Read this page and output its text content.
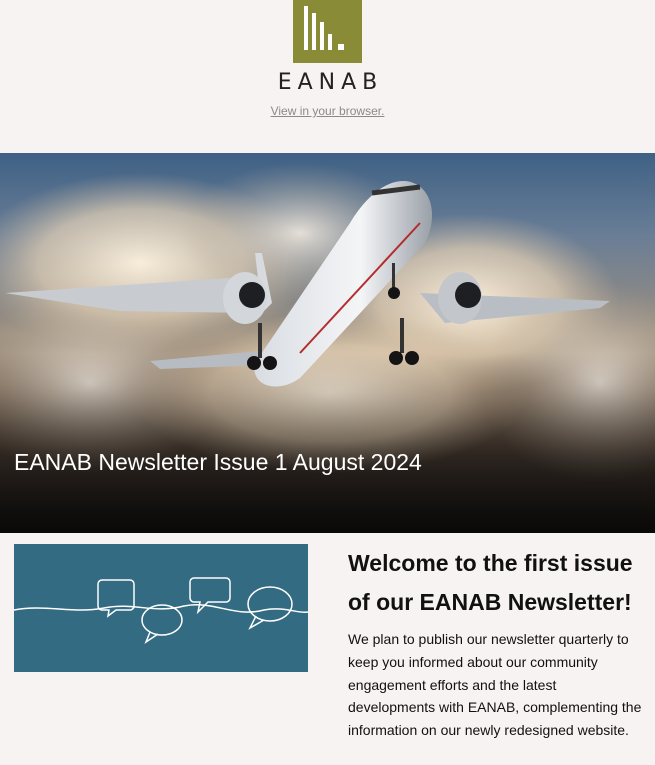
EANAB
View in your browser.
EANAB Newsletter Issue 1 August 2024
Welcome to the first issue of our EANAB Newsletter!

We plan to publish our newsletter quarterly to keep you informed about our community engagement efforts and the latest developments with EANAB, complementing the information on our newly redesigned website.
